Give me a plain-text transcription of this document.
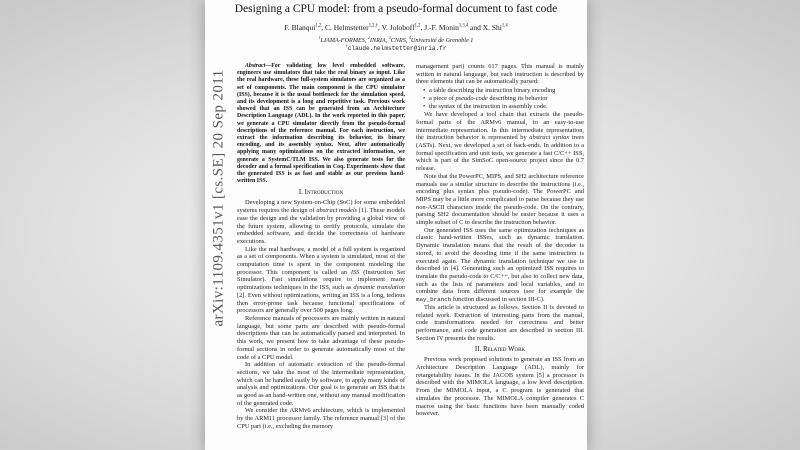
Designing a CPU model: from a pseudo-formal document to fast code
F. Blanqui$^{1,2}$, C. Helmstetter$^{1,2,\dagger}$, V. Joloboff$^{1,2}$, J.-F. Monin$^{1,3,4}$ and X. Shi$^{1,4}$
$^1$LIAMA-FORMES, $^2$INRIA, $^3$CNRS, $^4$Université de Grenoble 1
†claude.helmstetter@inria.fr

Abstract—For validating low level embedded software, engineers use simulators that take the real binary as input. Like the real hardware, these full-system simulators are organized as a set of components. The main component is the CPU simulator (ISS), because it is the usual bottleneck for the simulation speed, and its development is a long and repetitive task. Previous work showed that an ISS can be generated from an Architecture Description Language (ADL). In the work reported in this paper, we generate a CPU simulator directly from the pseudo-formal descriptions of the reference manual. For each instruction, we extract the information describing its behavior, its binary encoding, and its assembly syntax. Next, after automatically applying many optimizations on the extracted information, we generate a SystemC/TLM ISS. We also generate tests for the decoder and a formal specification in Coq. Experiments show that the generated ISS is as fast and stable as our previous hand-written ISS.

I. Introduction

Developing a new System-on-Chip (SoC) for some embedded systems requires the design of abstract models [1]. These models ease the design and the validation by providing a global view of the future system, allowing to certify protocols, simulate the embedded software, and decide the correctness of hardware executions.

Like the real hardware, a model of a full system is organized as a set of components. When a system is simulated, most of the computation time is spent in the component modeling the processor. This component is called an ISS (Instruction Set Simulator). Fast simulations require to implement many optimizations techniques in the ISS, such as dynamic translation [2]. Even without optimizations, writing an ISS is a long, tedious then error-prone task because functional specifications of processors are generally over 500 pages long.

Reference manuals of processors are mainly written in natural language, but some parts are described with pseudo-formal descriptions that can be automatically parsed and interpreted. In this work, we present how to take advantage of these pseudo-formal sections in order to generate automatically most of the code of a CPU model.

In addition of automatic extraction of the pseudo-formal sections, we take the most of the intermediate representation, which can be handled easily by software, to apply many kinds of analysis and optimizations. Our goal is to generate an ISS that is as good as an hand-written one, without any manual modification of the generated code.

We consider the ARMv6 architecture, which is implemented by the ARM11 processor family. The reference manual [3] of the CPU part (i.e., excluding the memory

management part) counts 617 pages. This manual is mainly written in natural language, but each instruction is described by three elements that can be automatically parsed:

• a table describing the instruction binary encoding
• a piece of pseudo-code describing its behavior
• the syntax of the instruction in assembly code.

We have developed a tool chain that extracts the pseudo-formal parts of the ARMv6 manual, to an easy-to-use intermediate representation. In this intermediate representation, the instruction behavior is represented by abstract syntax trees (ASTs). Next, we developed a set of back-ends. In addition to a formal specification and unit tests, we generate a fast C/C++ ISS, which is part of the SimSoC open-source project since the 0.7 release.

Note that the PowerPC, MIPS, and SH2 architecture reference manuals use a similar structure to describe the instructions (i.e., encoding plus syntax plus pseudo-code). The PowerPC and MIPS may be a little more complicated to parse because they use non-ASCII characters inside the pseudo-code. On the contrary, parsing SH2 documentation should be easier because it uses a simple subset of C to describe the instruction behavior.

Our generated ISS uses the same optimization techniques as classic hand-written ISSes, such as dynamic translation. Dynamic translation means that the result of the decoder is stored, to avoid the decoding time if the same instruction is executed again. The dynamic translation technique we use is described in [4]. Generating such an optimized ISS requires to translate the pseudo-code to C/C++, but also to collect new data, such as the lists of parameters and local variables, and to combine data from different sources (see for example the may_branch function discussed in section III-C).

This article is structured as follows. Section II is devoted to related work. Extraction of interesting parts from the manual, code transformations needed for correctness and better performance, and code generation are described in section III. Section IV presents the results.

II. Related Work

Previous work proposed solutions to generate an ISS from an Architecture Description Language (ADL), mainly for retargetability issues. In the JACOB system [5] a processor is described with the MIMOLA language, a low level description. From the MIMOLA input, a C program is generated that simulates the processor. The MIMOLA compiler generates C macros using the basic functions have been manually coded however.

arXiv:1109.4351v1 [cs.SE] 20 Sep 2011
